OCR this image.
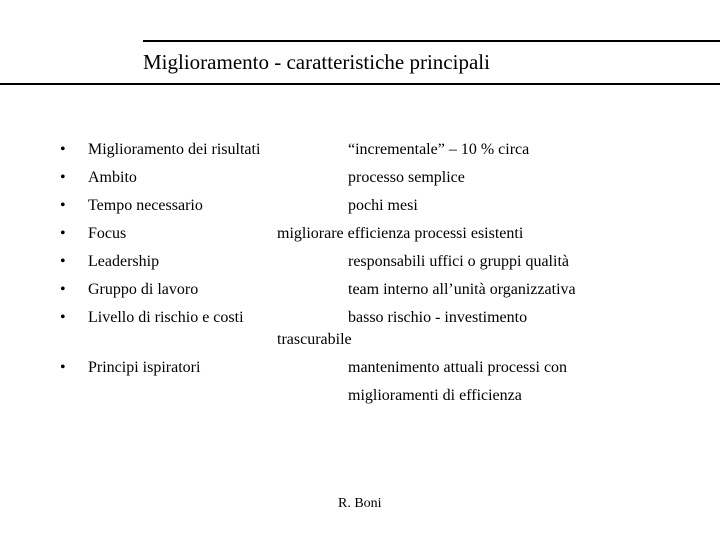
Miglioramento - caratteristiche principali
• Miglioramento dei risultati	“incrementale” – 10 % circa
• Ambito	processo semplice
• Tempo necessario	pochi mesi
• Focus	migliorare efficienza processi esistenti
• Leadership	responsabili uffici o gruppi qualità
• Gruppo di lavoro	team interno all’unità organizzativa
• Livello di rischio e costi	basso rischio - investimento
trascurabile
• Principi ispiratori	mantenimento attuali processi con
miglioramenti di efficienza
R. Boni
